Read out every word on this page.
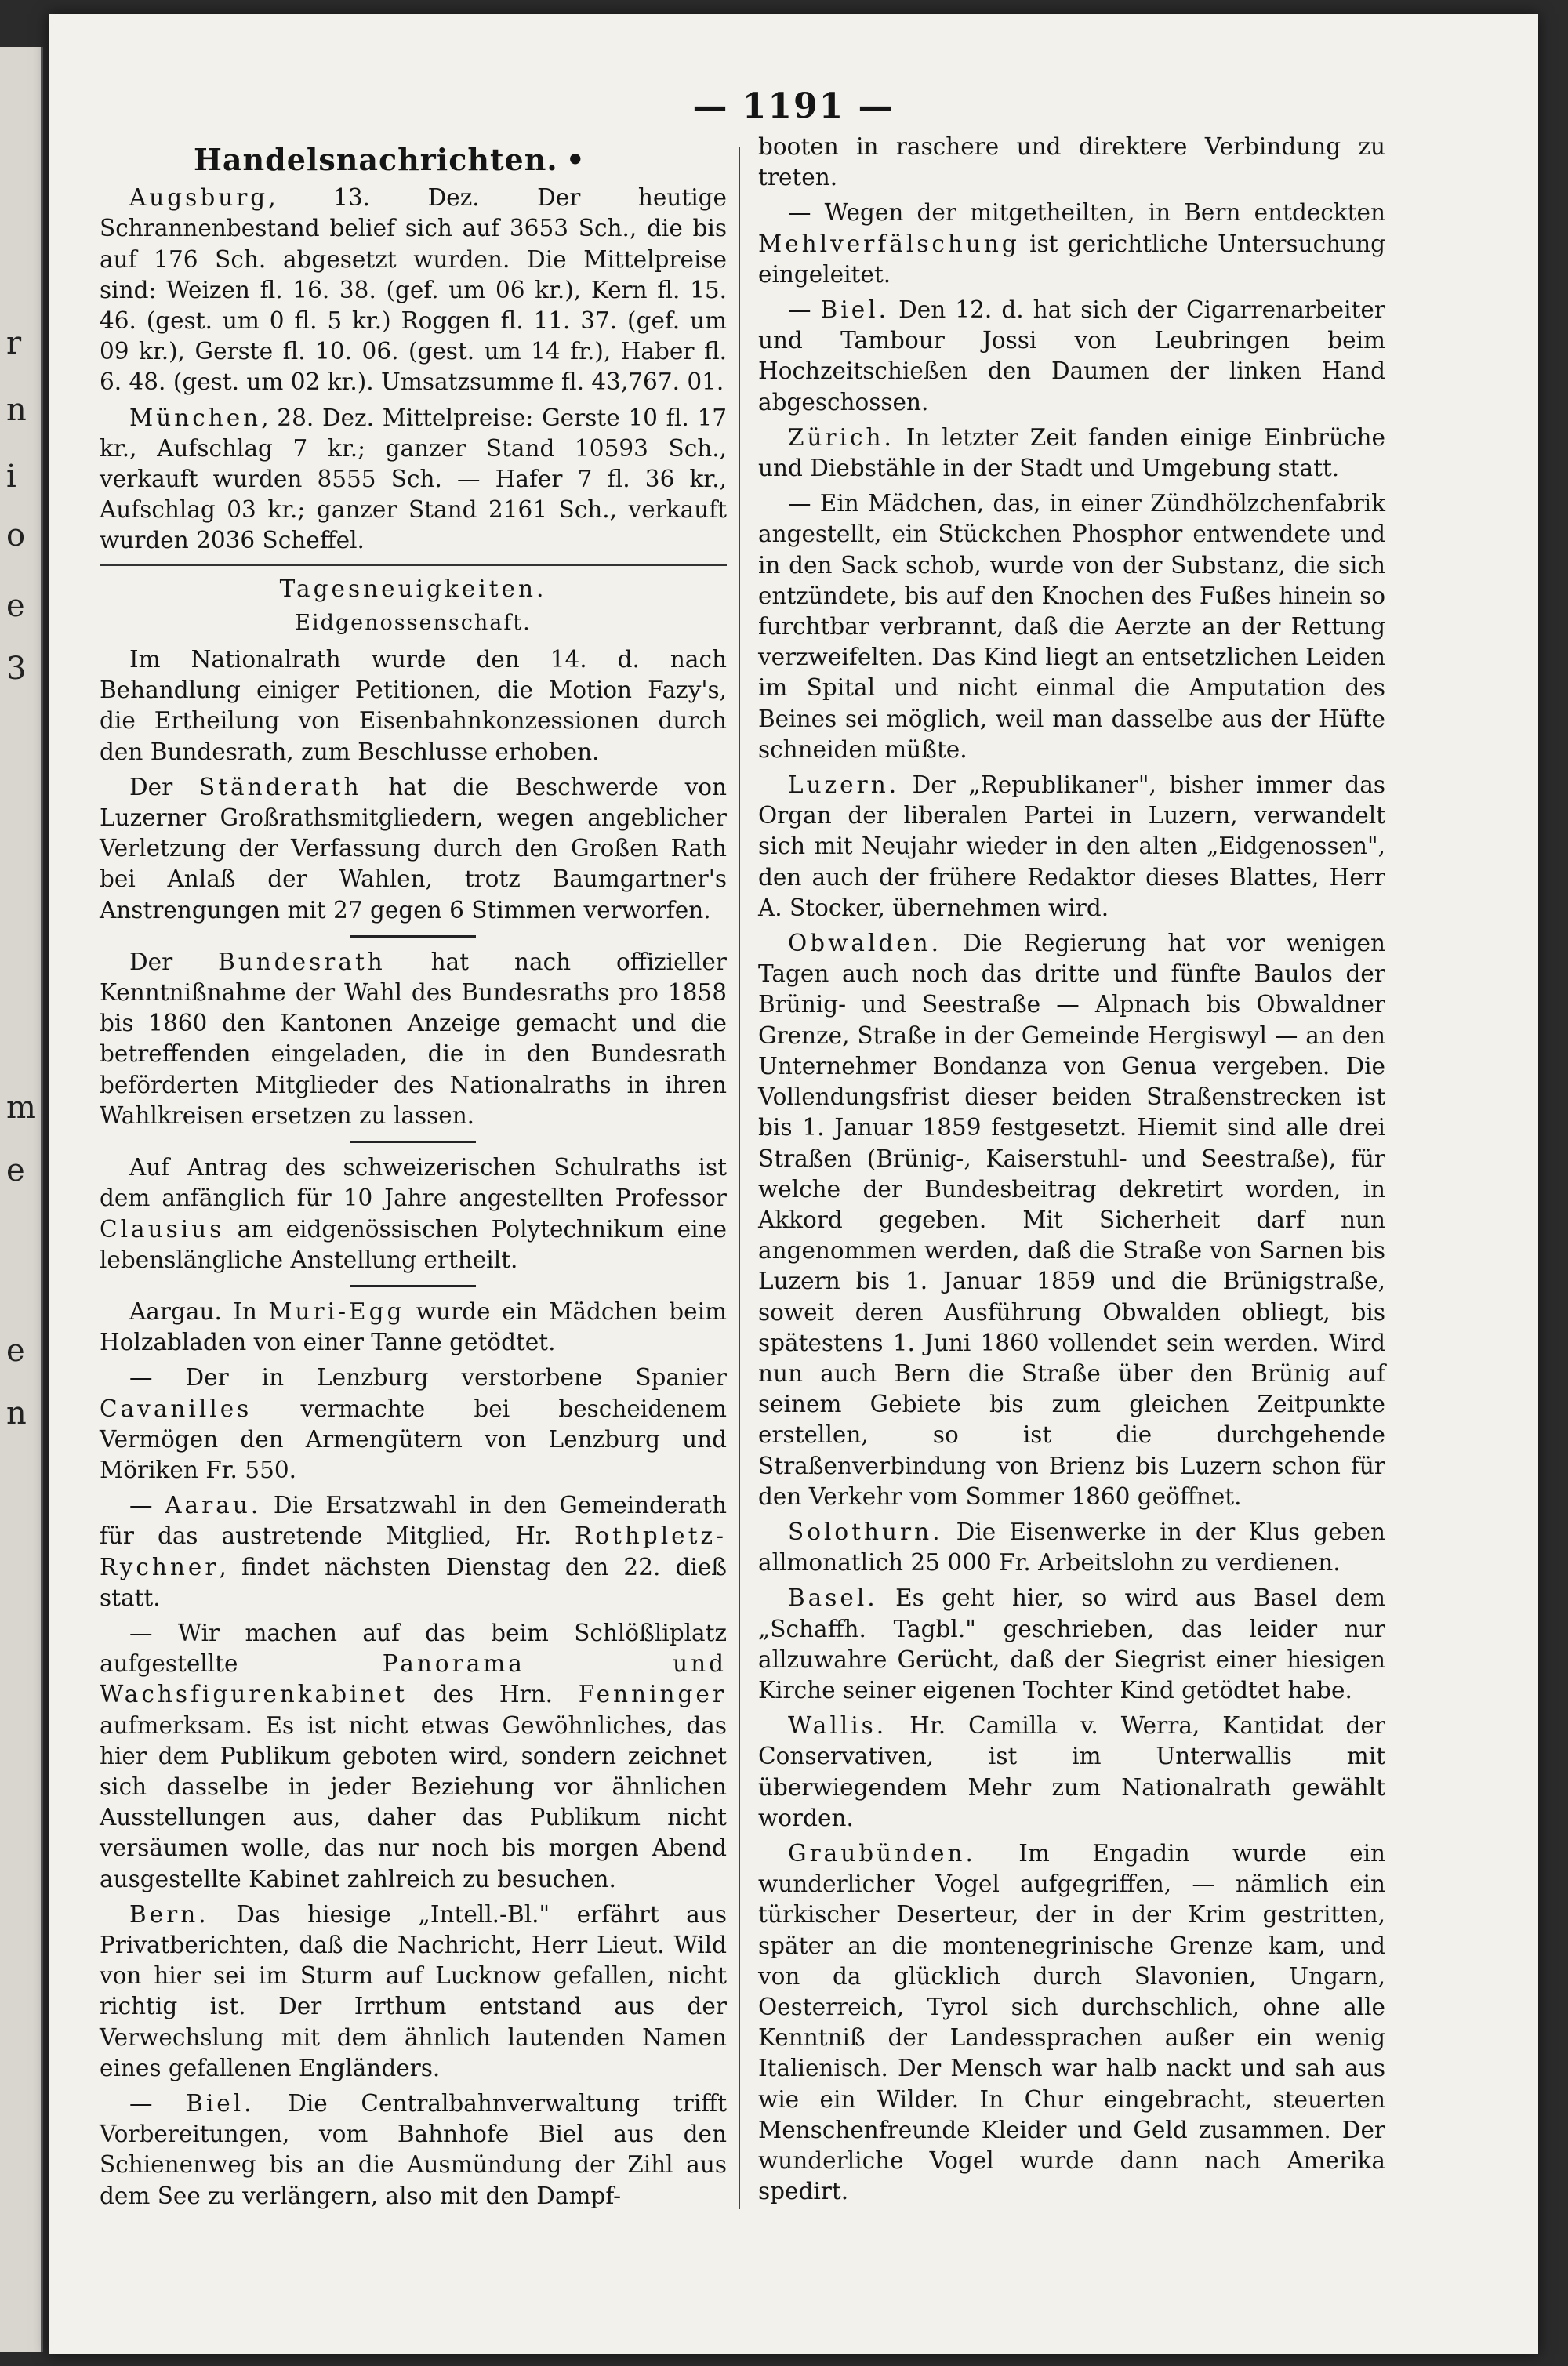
r
n
i
o
e
3
m
e
e
n
— 1191 —
Handelsnachrichten. •

Augsburg, 13. Dez. Der heutige Schrannenbestand belief sich auf 3653 Sch., die bis auf 176 Sch. abgesetzt wurden. Die Mittelpreise sind: Weizen fl. 16. 38. (gef. um 06 kr.), Kern fl. 15. 46. (gest. um 0 fl. 5 kr.) Roggen fl. 11. 37. (gef. um 09 kr.), Gerste fl. 10. 06. (gest. um 14 fr.), Haber fl. 6. 48. (gest. um 02 kr.). Umsatzsumme fl. 43,767. 01.

München, 28. Dez. Mittelpreise: Gerste 10 fl. 17 kr., Aufschlag 7 kr.; ganzer Stand 10593 Sch., verkauft wurden 8555 Sch. — Hafer 7 fl. 36 kr., Aufschlag 03 kr.; ganzer Stand 2161 Sch., verkauft wurden 2036 Scheffel.

Tagesneuigkeiten.
Eidgenossenschaft.

Im Nationalrath wurde den 14. d. nach Behandlung einiger Petitionen, die Motion Fazy's, die Ertheilung von Eisenbahnkonzessionen durch den Bundesrath, zum Beschlusse erhoben.

Der Ständerath hat die Beschwerde von Luzerner Großrathsmitgliedern, wegen angeblicher Verletzung der Verfassung durch den Großen Rath bei Anlaß der Wahlen, trotz Baumgartner's Anstrengungen mit 27 gegen 6 Stimmen verworfen.

Der Bundesrath hat nach offizieller Kenntnißnahme der Wahl des Bundesraths pro 1858 bis 1860 den Kantonen Anzeige gemacht und die betreffenden eingeladen, die in den Bundesrath beförderten Mitglieder des Nationalraths in ihren Wahlkreisen ersetzen zu lassen.

Auf Antrag des schweizerischen Schulraths ist dem anfänglich für 10 Jahre angestellten Professor Clausius am eidgenössischen Polytechnikum eine lebenslängliche Anstellung ertheilt.

Aargau. In Muri-Egg wurde ein Mädchen beim Holzabladen von einer Tanne getödtet.

— Der in Lenzburg verstorbene Spanier Cavanilles vermachte bei bescheidenem Vermögen den Armengütern von Lenzburg und Möriken Fr. 550.

— Aarau. Die Ersatzwahl in den Gemeinderath für das austretende Mitglied, Hr. Rothpletz-Rychner, findet nächsten Dienstag den 22. dieß statt.

— Wir machen auf das beim Schlößliplatz aufgestellte Panorama und Wachsfigurenkabinet des Hrn. Fenninger aufmerksam. Es ist nicht etwas Gewöhnliches, das hier dem Publikum geboten wird, sondern zeichnet sich dasselbe in jeder Beziehung vor ähnlichen Ausstellungen aus, daher das Publikum nicht versäumen wolle, das nur noch bis morgen Abend ausgestellte Kabinet zahlreich zu besuchen.

Bern. Das hiesige „Intell.-Bl." erfährt aus Privatberichten, daß die Nachricht, Herr Lieut. Wild von hier sei im Sturm auf Lucknow gefallen, nicht richtig ist. Der Irrthum entstand aus der Verwechslung mit dem ähnlich lautenden Namen eines gefallenen Engländers.

— Biel. Die Centralbahnverwaltung trifft Vorbereitungen, vom Bahnhofe Biel aus den Schienenweg bis an die Ausmündung der Zihl aus dem See zu verlängern, also mit den Dampf-

booten in raschere und direktere Verbindung zu treten.

— Wegen der mitgetheilten, in Bern entdeckten Mehlverfälschung ist gerichtliche Untersuchung eingeleitet.

— Biel. Den 12. d. hat sich der Cigarrenarbeiter und Tambour Jossi von Leubringen beim Hochzeitschießen den Daumen der linken Hand abgeschossen.

Zürich. In letzter Zeit fanden einige Einbrüche und Diebstähle in der Stadt und Umgebung statt.

— Ein Mädchen, das, in einer Zündhölzchenfabrik angestellt, ein Stückchen Phosphor entwendete und in den Sack schob, wurde von der Substanz, die sich entzündete, bis auf den Knochen des Fußes hinein so furchtbar verbrannt, daß die Aerzte an der Rettung verzweifelten. Das Kind liegt an entsetzlichen Leiden im Spital und nicht einmal die Amputation des Beines sei möglich, weil man dasselbe aus der Hüfte schneiden müßte.

Luzern. Der „Republikaner", bisher immer das Organ der liberalen Partei in Luzern, verwandelt sich mit Neujahr wieder in den alten „Eidgenossen", den auch der frühere Redaktor dieses Blattes, Herr A. Stocker, übernehmen wird.

Obwalden. Die Regierung hat vor wenigen Tagen auch noch das dritte und fünfte Baulos der Brünig- und Seestraße — Alpnach bis Obwaldner Grenze, Straße in der Gemeinde Hergiswyl — an den Unternehmer Bondanza von Genua vergeben. Die Vollendungsfrist dieser beiden Straßenstrecken ist bis 1. Januar 1859 festgesetzt. Hiemit sind alle drei Straßen (Brünig-, Kaiserstuhl- und Seestraße), für welche der Bundesbeitrag dekretirt worden, in Akkord gegeben. Mit Sicherheit darf nun angenommen werden, daß die Straße von Sarnen bis Luzern bis 1. Januar 1859 und die Brünigstraße, soweit deren Ausführung Obwalden obliegt, bis spätestens 1. Juni 1860 vollendet sein werden. Wird nun auch Bern die Straße über den Brünig auf seinem Gebiete bis zum gleichen Zeitpunkte erstellen, so ist die durchgehende Straßenverbindung von Brienz bis Luzern schon für den Verkehr vom Sommer 1860 geöffnet.

Solothurn. Die Eisenwerke in der Klus geben allmonatlich 25 000 Fr. Arbeitslohn zu verdienen.

Basel. Es geht hier, so wird aus Basel dem „Schaffh. Tagbl." geschrieben, das leider nur allzuwahre Gerücht, daß der Siegrist einer hiesigen Kirche seiner eigenen Tochter Kind getödtet habe.

Wallis. Hr. Camilla v. Werra, Kantidat der Conservativen, ist im Unterwallis mit überwiegendem Mehr zum Nationalrath gewählt worden.

Graubünden. Im Engadin wurde ein wunderlicher Vogel aufgegriffen, — nämlich ein türkischer Deserteur, der in der Krim gestritten, später an die montenegrinische Grenze kam, und von da glücklich durch Slavonien, Ungarn, Oesterreich, Tyrol sich durchschlich, ohne alle Kenntniß der Landessprachen außer ein wenig Italienisch. Der Mensch war halb nackt und sah aus wie ein Wilder. In Chur eingebracht, steuerten Menschenfreunde Kleider und Geld zusammen. Der wunderliche Vogel wurde dann nach Amerika spedirt.
